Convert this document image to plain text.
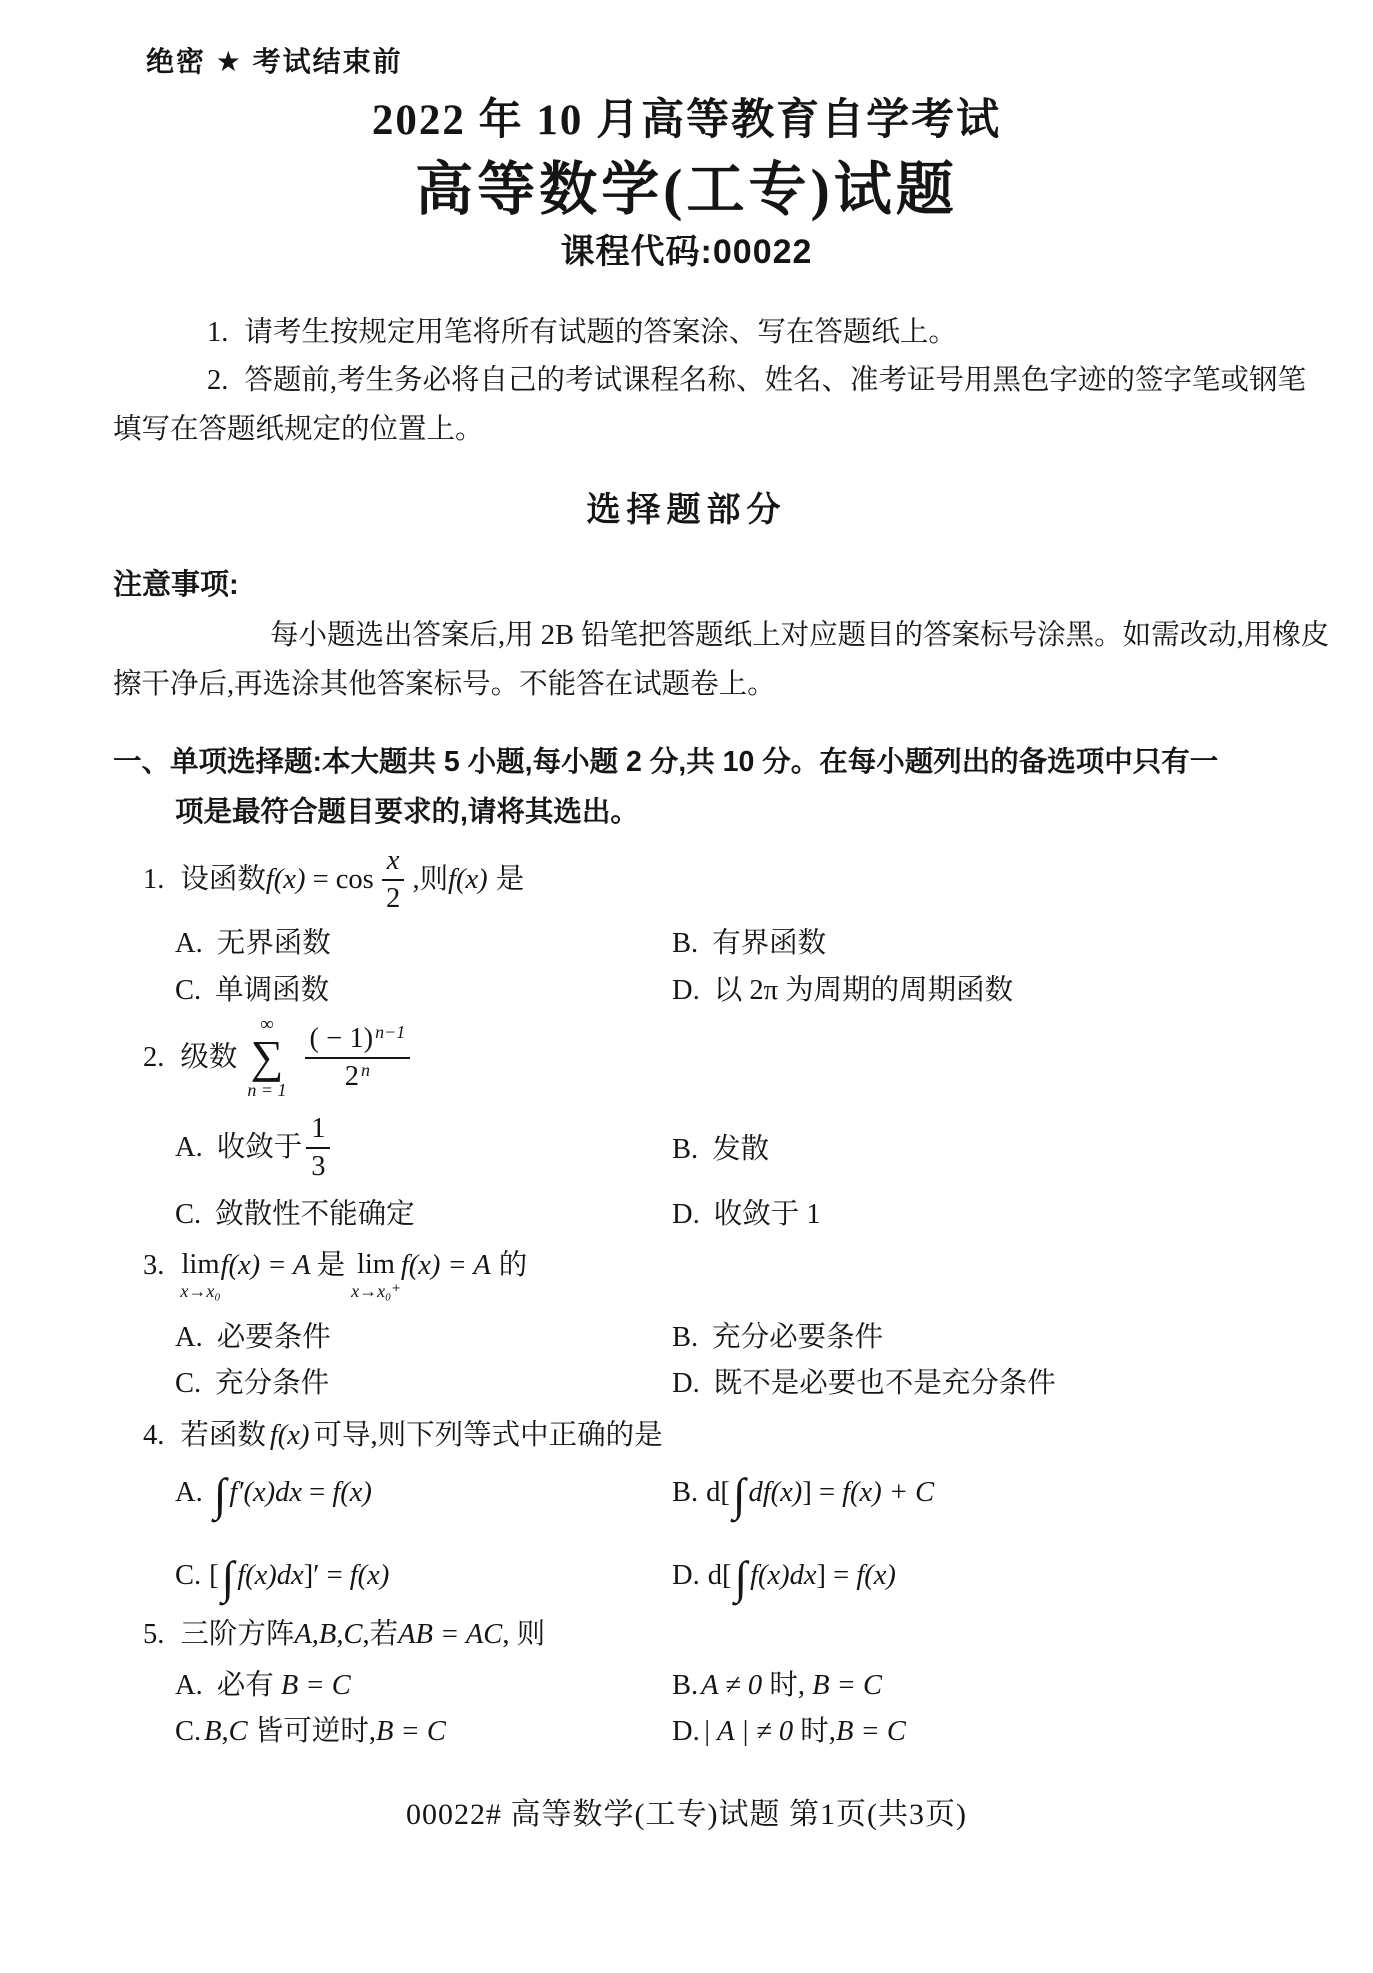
绝密 ★ 考试结束前
2022 年 10 月高等教育自学考试
高等数学(工专)试题
课程代码:00022
1. 请考生按规定用笔将所有试题的答案涂、写在答题纸上。
2. 答题前,考生务必将自己的考试课程名称、姓名、准考证号用黑色字迹的签字笔或钢笔
填写在答题纸规定的位置上。
选择题部分
注意事项:
每小题选出答案后,用 2B 铅笔把答题纸上对应题目的答案标号涂黑。如需改动,用橡皮
擦干净后,再选涂其他答案标号。不能答在试题卷上。
一、单项选择题:本大题共 5 小题,每小题 2 分,共 10 分。在每小题列出的备选项中只有一
项是最符合题目要求的,请将其选出。
1. 设函数 $f(x) = \cos \frac{x}{2}$ ,则 f(x) 是
A. 无界函数	B. 有界函数
C. 单调函数	D. 以 2π 为周期的周期函数
2. 级数
∞
∑
$n = 1 \frac{( - 1) ^{n-1}}{2 ^n}$
A. 收敛于 $\frac{1}{3}$	B. 发散
C. 敛散性不能确定	D. 收敛于 1
3. lim
x→x₀
f(x) = A 是 lim
x→x₀⁺
f(x) = A 的
A. 必要条件	B. 充分必要条件
C. 充分条件	D. 既不是必要也不是充分条件
4. 若函数 f(x) 可导,则下列等式中正确的是
A. ∫ f′(x)dx = f(x)	B. d[ ∫ df(x) ] = f(x) + C
C. [ ∫ f(x)dx ]′ = f(x)	D. d[ ∫ f(x)dx ] = f(x)
5. 三阶方阵 A,B,C ,若 AB = AC , 则
A. 必有 B = C	B. A ≠ 0 时, B = C
C. B,C 皆可逆时, B = C	D. | A | ≠ 0 时, B = C
00022# 高等数学(工专)试题 第1页(共3页)
